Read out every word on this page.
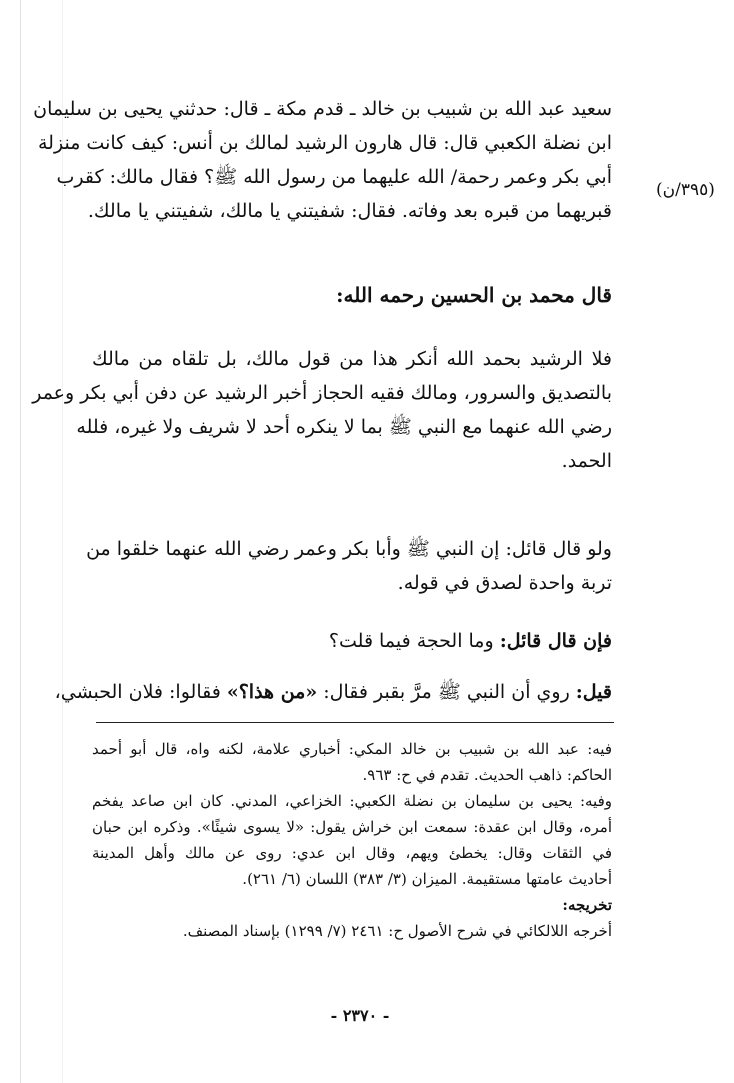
(٣٩٥/ن)
سعيد عبد الله بن شبيب بن خالد ـ قدم مكة ـ قال: حدثني يحيى بن سليمان
ابن نضلة الكعبي قال: قال هارون الرشيد لمالك بن أنس: كيف كانت منزلة
أبي بكر وعمر رحمة/ الله عليهما من رسول الله ﷺ؟ فقال مالك: كقرب
قبريهما من قبره بعد وفاته. فقال: شفيتني يا مالك، شفيتني يا مالك.
قال محمد بن الحسين رحمه الله:
فلا الرشيد بحمد الله أنكر هذا من قول مالك، بل تلقاه من مالك
بالتصديق والسرور، ومالك فقيه الحجاز أخبر الرشيد عن دفن أبي بكر وعمر
رضي الله عنهما مع النبي ﷺ بما لا ينكره أحد لا شريف ولا غيره، فلله
الحمد.
ولو قال قائل: إن النبي ﷺ وأبا بكر وعمر رضي الله عنهما خلقوا من
تربة واحدة لصدق في قوله.
فإن قال قائل: وما الحجة فيما قلت؟
قيل: روي أن النبي ﷺ مرَّ بقبر فقال: «من هذا؟» فقالوا: فلان الحبشي،
فيه: عبد الله بن شبيب بن خالد المكي: أخباري علامة، لكنه واه، قال أبو أحمد
الحاكم: ذاهب الحديث. تقدم في ح: ٩٦٣.
وفيه: يحيى بن سليمان بن نضلة الكعبي: الخزاعي، المدني. كان ابن صاعد يفخم
أمره، وقال ابن عقدة: سمعت ابن خراش يقول: «لا يسوى شيئًا». وذكره ابن حبان
في الثقات وقال: يخطئ ويهم، وقال ابن عدي: روى عن مالك وأهل المدينة
أحاديث عامتها مستقيمة. الميزان (٣/ ٣٨٣) اللسان (٦/ ٢٦١).
تخريجه:
أخرجه اللالكائي في شرح الأصول ح: ٢٤٦١ (٧/ ١٢٩٩) بإسناد المصنف.
- ٢٣٧٠ -
